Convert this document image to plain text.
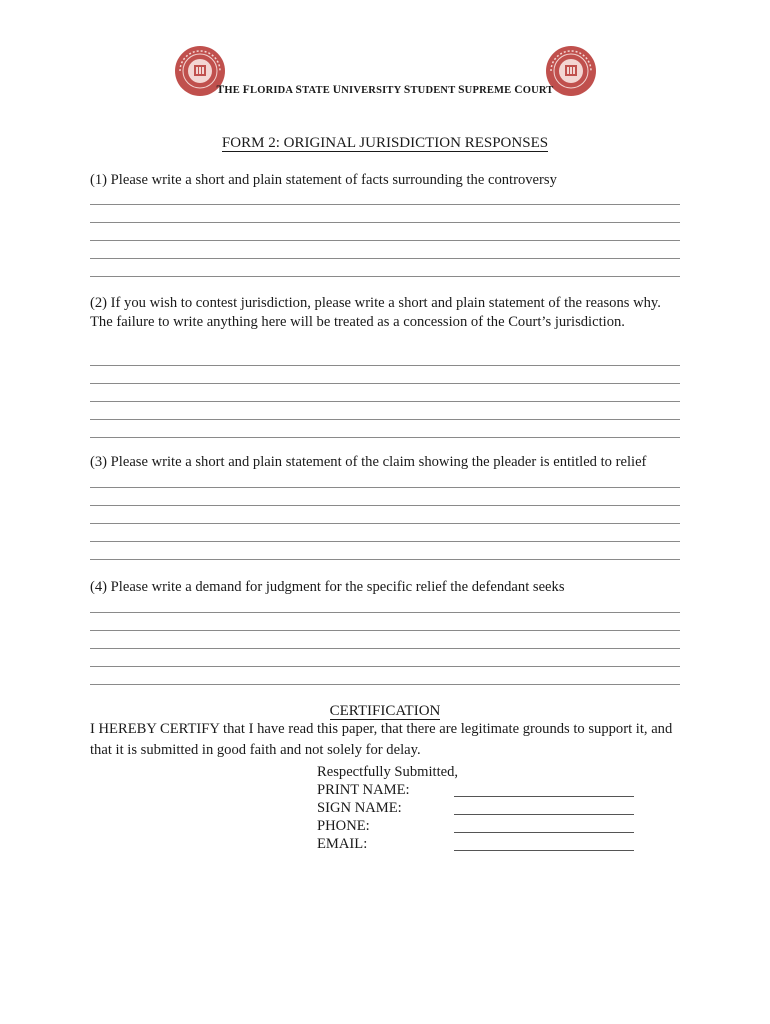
THE FLORIDA STATE UNIVERSITY STUDENT SUPREME COURT
FORM 2: ORIGINAL JURISDICTION RESPONSES
(1) Please write a short and plain statement of facts surrounding the controversy
(2) If you wish to contest jurisdiction, please write a short and plain statement of the reasons why. The failure to write anything here will be treated as a concession of the Court’s jurisdiction.
(3) Please write a short and plain statement of the claim showing the pleader is entitled to relief
(4) Please write a demand for judgment for the specific relief the defendant seeks
CERTIFICATION
I HEREBY CERTIFY that I have read this paper, that there are legitimate grounds to support it, and that it is submitted in good faith and not solely for delay.
Respectfully Submitted,
PRINT NAME:
SIGN NAME:
PHONE:
EMAIL:
